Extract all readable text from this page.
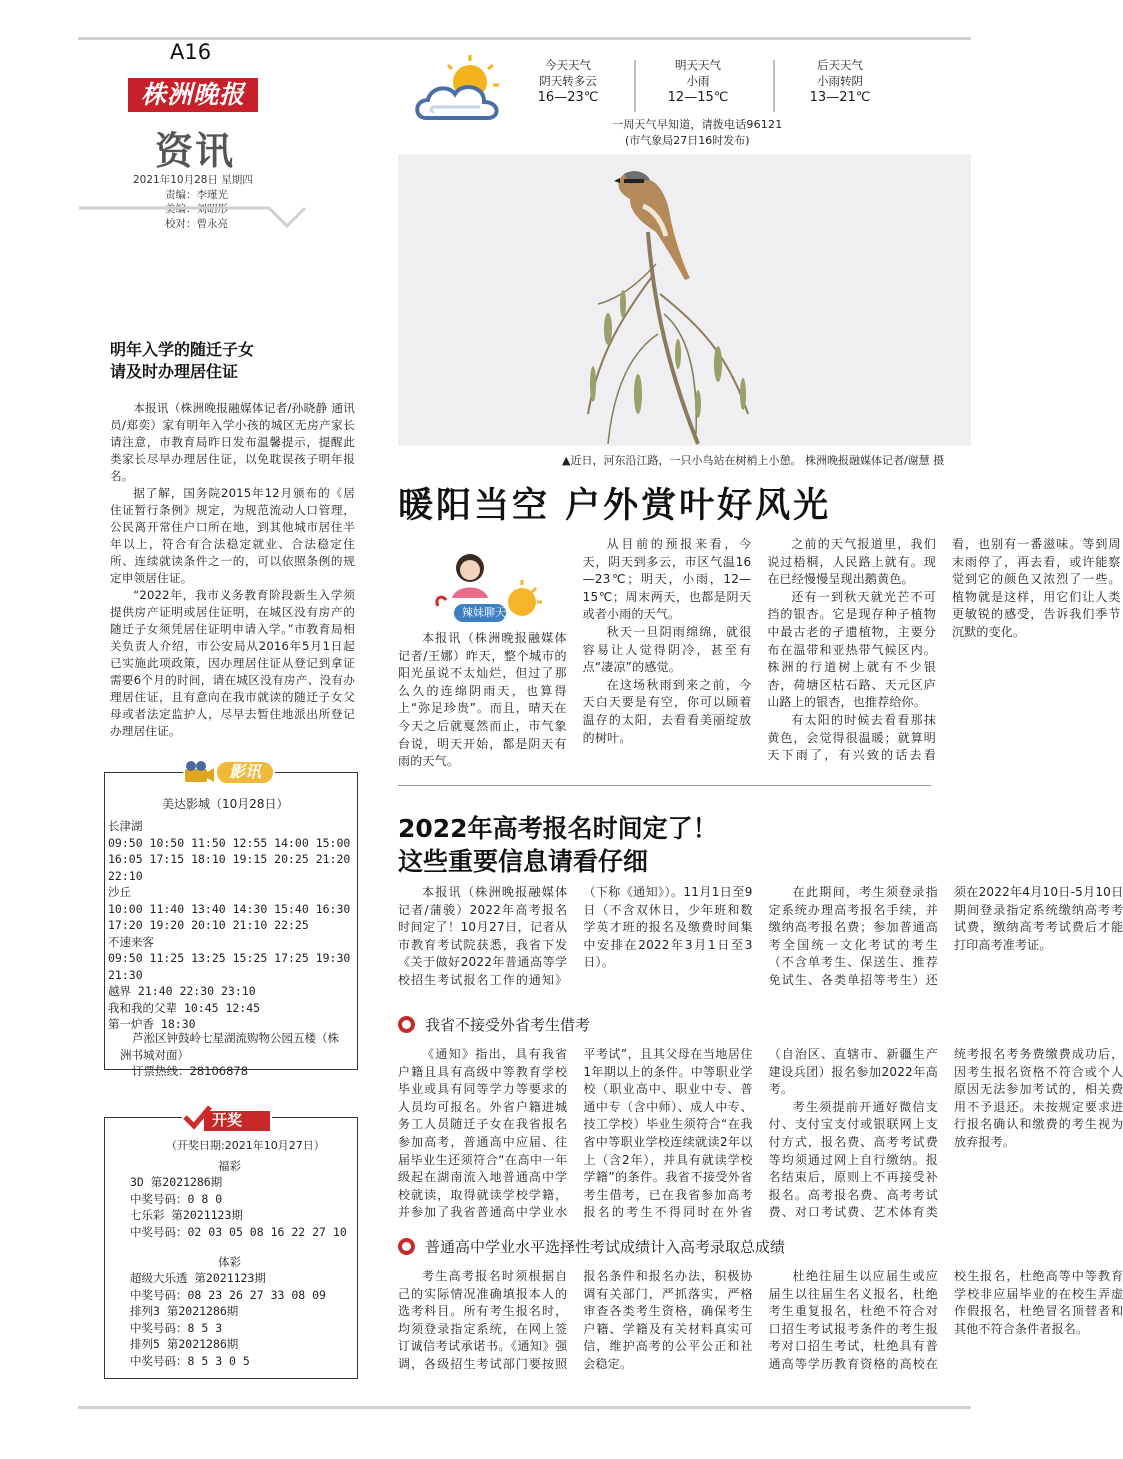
A16
株洲晚报
资讯
2021年10月28日 星期四
责编：李瑾光
美编：刘昭彤
校对：曾永亮
今天天气
阴天转多云
16—23℃
明天天气
小雨
12—15℃
后天天气
小雨转阴
13—21℃
一周天气早知道，请拨电话96121
(市气象局27日16时发布)
▲近日，河东沿江路，一只小鸟站在树梢上小憩。 株洲晚报融媒体记者/谢慧 摄
明年入学的随迁子女
请及时办理居住证

本报讯（株洲晚报融媒体记者/孙晓静 通讯员/郑奕）家有明年入学小孩的城区无房产家长请注意，市教育局昨日发布温馨提示，提醒此类家长尽早办理居住证，以免耽误孩子明年报名。

据了解，国务院2015年12月颁布的《居住证暂行条例》规定，为规范流动人口管理，公民离开常住户口所在地，到其他城市居住半年以上，符合有合法稳定就业、合法稳定住所、连续就读条件之一的，可以依照条例的规定申领居住证。

“2022年，我市义务教育阶段新生入学须提供房产证明或居住证明，在城区没有房产的随迁子女须凭居住证明申请入学。”市教育局相关负责人介绍，市公安局从2016年5月1日起已实施此项政策，因办理居住证从登记到拿证需要6个月的时间，请在城区没有房产、没有办理居住证，且有意向在我市就读的随迁子女父母或者法定监护人，尽早去暂住地派出所登记办理居住证。

影讯
美达影城（10月28日）
长津湖
09:50 10:50 11:50 12:55 14:00 15:00
16:05 17:15 18:10 19:15 20:25 21:20
22:10
沙丘
10:00 11:40 13:40 14:30 15:40 16:30
17:20 19:20 20:10 21:10 22:25
不速来客
09:50 11:25 13:25 15:25 17:25 19:30
21:30
越界 21:40 22:30 23:10
我和我的父辈 10:45 12:45
第一炉香 18:30
芦淞区钟鼓岭七星湖流购物公园五楼（株
洲书城对面）
订票热线：28106878
开奖
（开奖日期:2021年10月27日）
福彩
3D 第2021286期
中奖号码：0 8 0
七乐彩 第2021123期
中奖号码：02 03 05 08 16 22 27 10
体彩
超级大乐透 第2021123期
中奖号码：08 23 26 27 33 08 09
排列3 第2021286期
中奖号码：8 5 3
排列5 第2021286期
中奖号码：8 5 3 0 5
暖阳当空 户外赏叶好风光
辣妹聊天

本报讯（株洲晚报融媒体记者/王娜）昨天，整个城市的阳光虽说不太灿烂，但过了那么久的连绵阴雨天，也算得上“弥足珍贵”。而且，晴天在今天之后就戛然而止，市气象台说，明天开始，都是阴天有雨的天气。

从目前的预报来看，今天，阴天到多云，市区气温16—23℃；明天，小雨，12—15℃；周末两天，也都是阴天或者小雨的天气。

秋天一旦阴雨绵绵，就很容易让人觉得阴冷，甚至有点“凄凉”的感觉。

在这场秋雨到来之前，今天白天要是有空，你可以顾着温存的太阳，去看看美丽绽放的树叶。

之前的天气报道里，我们说过梧桐，人民路上就有。现在已经慢慢呈现出鹅黄色。

还有一到秋天就光芒不可挡的银杏。它是现存种子植物中最古老的孑遗植物，主要分布在温带和亚热带气候区内。株洲的行道树上就有不少银杏，荷塘区枯石路、天元区庐山路上的银杏，也推荐给你。

有太阳的时候去看看那抹黄色，会觉得很温暖；就算明天下雨了，有兴致的话去看看，也别有一番滋味。等到周末雨停了，再去看，或许能察觉到它的颜色又浓烈了一些。植物就是这样，用它们让人类更敏锐的感受，告诉我们季节沉默的变化。

2022年高考报名时间定了！
这些重要信息请看仔细

本报讯（株洲晚报融媒体记者/蒲骏）2022年高考报名时间定了！10月27日，记者从市教育考试院获悉，我省下发《关于做好2022年普通高等学校招生考试报名工作的通知》（下称《通知》）。11月1日至9日（不含双休日，少年班和数学英才班的报名及缴费时间集中安排在2022年3月1日至3日）。

在此期间，考生须登录指定系统办理高考报名手续，并缴纳高考报名费；参加普通高考全国统一文化考试的考生（不含单考生、保送生、推荐免试生、各类单招等考生）还须在2022年4月10日-5月10日期间登录指定系统缴纳高考考试费，缴纳高考考试费后才能打印高考准考证。

我省不接受外省考生借考

《通知》指出，具有我省户籍且具有高级中等教育学校毕业或具有同等学力等要求的人员均可报名。外省户籍进城务工人员随迁子女在我省报名参加高考，普通高中应届、往届毕业生还须符合“在高中一年级起在湖南流入地普通高中学校就读，取得就读学校学籍，并参加了我省普通高中学业水平考试”，且其父母在当地居住1年期以上的条件。中等职业学校（职业高中、职业中专、普通中专（含中师）、成人中专、技工学校）毕业生须符合“在我省中等职业学校连续就读2年以上（含2年），并具有就读学校学籍”的条件。我省不接受外省考生借考，已在我省参加高考报名的考生不得同时在外省（自治区、直辖市、新疆生产建设兵团）报名参加2022年高考。

考生须提前开通好微信支付、支付宝支付或银联网上支付方式，报名费、高考考试费等均须通过网上自行缴纳。报名结束后，原则上不再接受补报名。高考报名费、高考考试费、对口考试费、艺术体育类统考报名考务费缴费成功后，因考生报名资格不符合或个人原因无法参加考试的，相关费用不予退还。未按规定要求进行报名确认和缴费的考生视为放弃报考。

普通高中学业水平选择性考试成绩计入高考录取总成绩

考生高考报名时须根据自己的实际情况准确填报本人的选考科目。所有考生报名时，均须登录指定系统，在网上签订诚信考试承诺书。《通知》强调，各级招生考试部门要按照报名条件和报名办法，积极协调有关部门，严抓落实，严格审查各类考生资格，确保考生户籍、学籍及有关材料真实可信，维护高考的公平公正和社会稳定。

杜绝往届生以应届生或应届生以往届生名义报名，杜绝考生重复报名，杜绝不符合对口招生考试报考条件的考生报考对口招生考试，杜绝具有普通高等学历教育资格的高校在校生报名，杜绝高等中等教育学校非应届毕业的在校生弄虚作假报名，杜绝冒名顶替者和其他不符合条件者报名。
